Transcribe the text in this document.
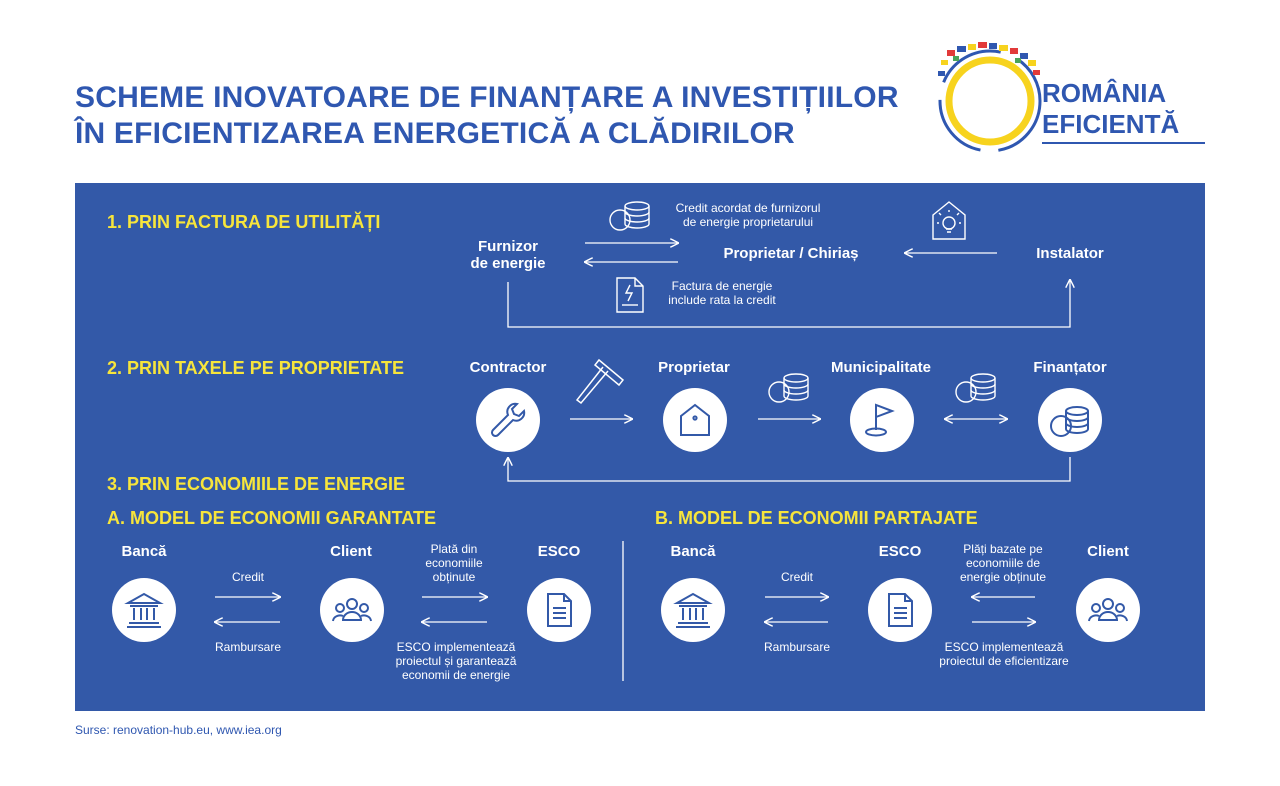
SCHEME INOVATOARE DE FINANȚARE A INVESTIȚIILOR
ÎN EFICIENTIZAREA ENERGETICĂ A CLĂDIRILOR
ROMÂNIA
EFICIENTĂ
1. PRIN FACTURA DE UTILITĂȚI
Furnizor
de energie
Proprietar / Chiriaș	Instalator
Credit acordat de furnizorul
de energie proprietarului
Factura de energie
include rata la credit
2. PRIN TAXELE PE PROPRIETATE	Contractor	Proprietar	Municipalitate	Finanțator
3. PRIN ECONOMIILE DE ENERGIE
A. MODEL DE ECONOMII GARANTATE	B. MODEL DE ECONOMII PARTAJATE
Bancă	Client	ESCO
Credit
Rambursare
Plată din
economiile
obținute
ESCO implementează
proiectul și garantează
economii de energie
Bancă	ESCO	Client
Credit
Rambursare
Plăți bazate pe
economiile de
energie obținute
ESCO implementează
proiectul de eficientizare
Surse: renovation-hub.eu, www.iea.org
